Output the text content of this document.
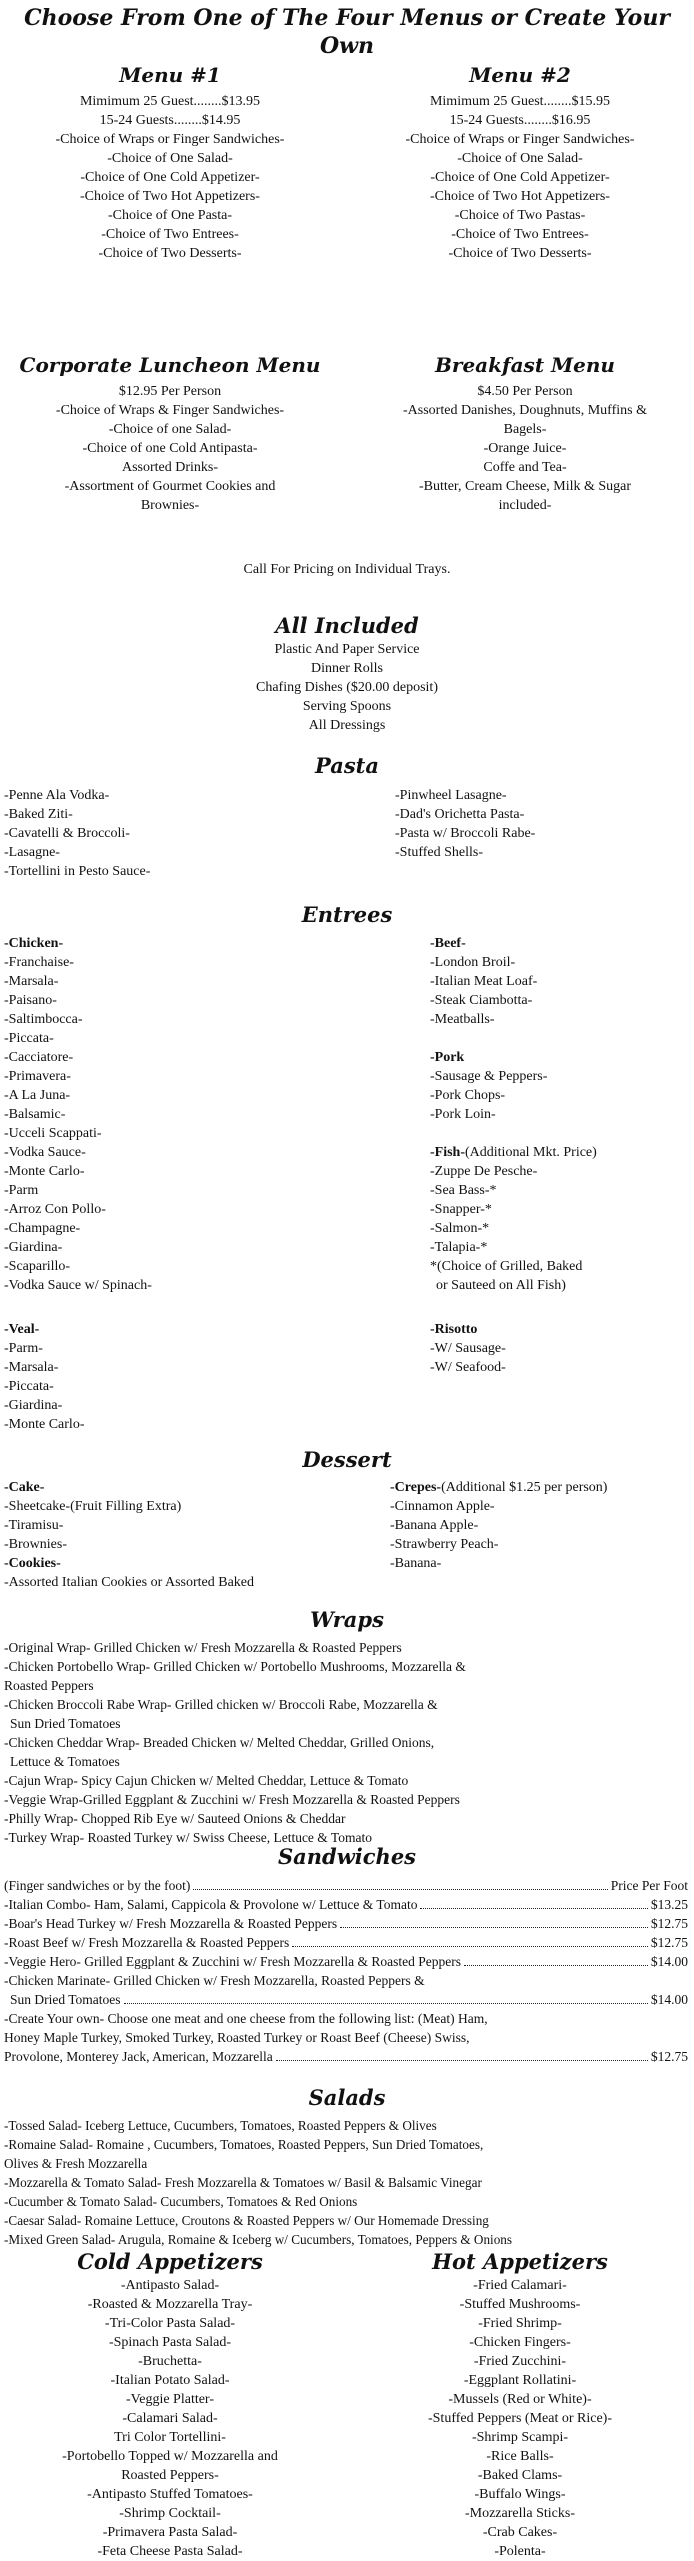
Choose From One of The Four Menus or Create Your Own
Menu #1
Mimimum 25 Guest........$13.95
15-24 Guests........$14.95
-Choice of Wraps or Finger Sandwiches-
-Choice of One Salad-
-Choice of One Cold Appetizer-
-Choice of Two Hot Appetizers-
-Choice of One Pasta-
-Choice of Two Entrees-
-Choice of Two Desserts-
Menu #2
Mimimum 25 Guest........$15.95
15-24 Guests........$16.95
-Choice of Wraps or Finger Sandwiches-
-Choice of One Salad-
-Choice of One Cold Appetizer-
-Choice of Two Hot Appetizers-
-Choice of Two Pastas-
-Choice of Two Entrees-
-Choice of Two Desserts-
Corporate Luncheon Menu
$12.95 Per Person
-Choice of Wraps & Finger Sandwiches-
-Choice of one Salad-
-Choice of one Cold Antipasta-
Assorted Drinks-
-Assortment of Gourmet Cookies and
Brownies-
Breakfast Menu
$4.50 Per Person
-Assorted Danishes, Doughnuts, Muffins &
Bagels-
-Orange Juice-
Coffe and Tea-
-Butter, Cream Cheese, Milk & Sugar
included-
Call For Pricing on Individual Trays.
All Included
Plastic And Paper Service
Dinner Rolls
Chafing Dishes ($20.00 deposit)
Serving Spoons
All Dressings
Pasta
-Penne Ala Vodka-
-Baked Ziti-
-Cavatelli & Broccoli-
-Lasagne-
-Tortellini in Pesto Sauce-
-Pinwheel Lasagne-
-Dad's Orichetta Pasta-
-Pasta w/ Broccoli Rabe-
-Stuffed Shells-
Entrees
-Chicken-
-Franchaise-
-Marsala-
-Paisano-
-Saltimbocca-
-Piccata-
-Cacciatore-
-Primavera-
-A La Juna-
-Balsamic-
-Ucceli Scappati-
-Vodka Sauce-
-Monte Carlo-
-Parm
-Arroz Con Pollo-
-Champagne-
-Giardina-
-Scaparillo-
-Vodka Sauce w/ Spinach-
-Beef-
-London Broil-
-Italian Meat Loaf-
-Steak Ciambotta-
-Meatballs-

-Pork
-Sausage & Peppers-
-Pork Chops-
-Pork Loin-

-Fish-(Additional Mkt. Price)
-Zuppe De Pesche-
-Sea Bass-*
-Snapper-*
-Salmon-*
-Talapia-*
*(Choice of Grilled, Baked
or Sauteed on All Fish)
-Veal-
-Parm-
-Marsala-
-Piccata-
-Giardina-
-Monte Carlo-
-Risotto
-W/ Sausage-
-W/ Seafood-
Dessert
-Cake-
-Sheetcake-(Fruit Filling Extra)
-Tiramisu-
-Brownies-
-Cookies-
-Assorted Italian Cookies or Assorted Baked
-Crepes-(Additional $1.25 per person)
-Cinnamon Apple-
-Banana Apple-
-Strawberry Peach-
-Banana-
Wraps
-Original Wrap- Grilled Chicken w/ Fresh Mozzarella & Roasted Peppers
-Chicken Portobello Wrap- Grilled Chicken w/ Portobello Mushrooms, Mozzarella &
Roasted Peppers
-Chicken Broccoli Rabe Wrap- Grilled chicken w/ Broccoli Rabe, Mozzarella &
Sun Dried Tomatoes
-Chicken Cheddar Wrap- Breaded Chicken w/ Melted Cheddar, Grilled Onions,
Lettuce & Tomatoes
-Cajun Wrap- Spicy Cajun Chicken w/ Melted Cheddar, Lettuce & Tomato
-Veggie Wrap-Grilled Eggplant & Zucchini w/ Fresh Mozzarella & Roasted Peppers
-Philly Wrap- Chopped Rib Eye w/ Sauteed Onions & Cheddar
-Turkey Wrap- Roasted Turkey w/ Swiss Cheese, Lettuce & Tomato
Sandwiches
(Finger sandwiches or by the foot)	Price Per Foot
-Italian Combo- Ham, Salami, Cappicola & Provolone w/ Lettuce & Tomato	$13.25
-Boar's Head Turkey w/ Fresh Mozzarella & Roasted Peppers	$12.75
-Roast Beef w/ Fresh Mozzarella & Roasted Peppers	$12.75
-Veggie Hero- Grilled Eggplant & Zucchini w/ Fresh Mozzarella & Roasted Peppers	$14.00
-Chicken Marinate- Grilled Chicken w/ Fresh Mozzarella, Roasted Peppers &
Sun Dried Tomatoes	$14.00
-Create Your own- Choose one meat and one cheese from the following list: (Meat) Ham,
Honey Maple Turkey, Smoked Turkey, Roasted Turkey or Roast Beef (Cheese) Swiss,
Provolone, Monterey Jack, American, Mozzarella	$12.75
Salads
-Tossed Salad- Iceberg Lettuce, Cucumbers, Tomatoes, Roasted Peppers & Olives
-Romaine Salad- Romaine , Cucumbers, Tomatoes, Roasted Peppers, Sun Dried Tomatoes,
Olives & Fresh Mozzarella
-Mozzarella & Tomato Salad- Fresh Mozzarella & Tomatoes w/ Basil & Balsamic Vinegar
-Cucumber & Tomato Salad- Cucumbers, Tomatoes & Red Onions
-Caesar Salad- Romaine Lettuce, Croutons & Roasted Peppers w/ Our Homemade Dressing
-Mixed Green Salad- Arugula, Romaine & Iceberg w/ Cucumbers, Tomatoes, Peppers & Onions
Cold Appetizers
-Antipasto Salad-
-Roasted & Mozzarella Tray-
-Tri-Color Pasta Salad-
-Spinach Pasta Salad-
-Bruchetta-
-Italian Potato Salad-
-Veggie Platter-
-Calamari Salad-
Tri Color Tortellini-
-Portobello Topped w/ Mozzarella and
Roasted Peppers-
-Antipasto Stuffed Tomatoes-
-Shrimp Cocktail-
-Primavera Pasta Salad-
-Feta Cheese Pasta Salad-
Hot Appetizers
-Fried Calamari-
-Stuffed Mushrooms-
-Fried Shrimp-
-Chicken Fingers-
-Fried Zucchini-
-Eggplant Rollatini-
-Mussels (Red or White)-
-Stuffed Peppers (Meat or Rice)-
-Shrimp Scampi-
-Rice Balls-
-Baked Clams-
-Buffalo Wings-
-Mozzarella Sticks-
-Crab Cakes-
-Polenta-
